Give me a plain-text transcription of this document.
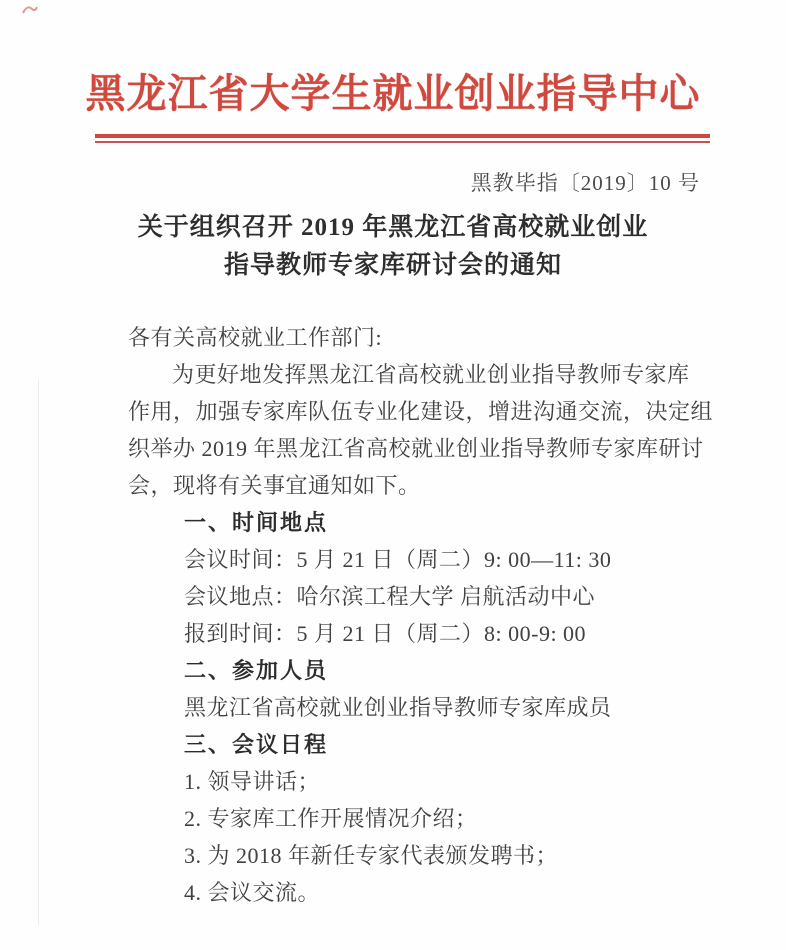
黑龙江省大学生就业创业指导中心
黑教毕指〔2019〕10 号
关于组织召开 2019 年黑龙江省高校就业创业
指导教师专家库研讨会的通知
各有关高校就业工作部门:
为更好地发挥黑龙江省高校就业创业指导教师专家库
作用，加强专家库队伍专业化建设，增进沟通交流，决定组
织举办 2019 年黑龙江省高校就业创业指导教师专家库研讨
会，现将有关事宜通知如下。
一、时间地点
会议时间：5 月 21 日（周二）9: 00—11: 30
会议地点：哈尔滨工程大学 启航活动中心
报到时间：5 月 21 日（周二）8: 00-9: 00
二、参加人员
黑龙江省高校就业创业指导教师专家库成员
三、会议日程
1. 领导讲话；
2. 专家库工作开展情况介绍；
3. 为 2018 年新任专家代表颁发聘书；
4. 会议交流。
